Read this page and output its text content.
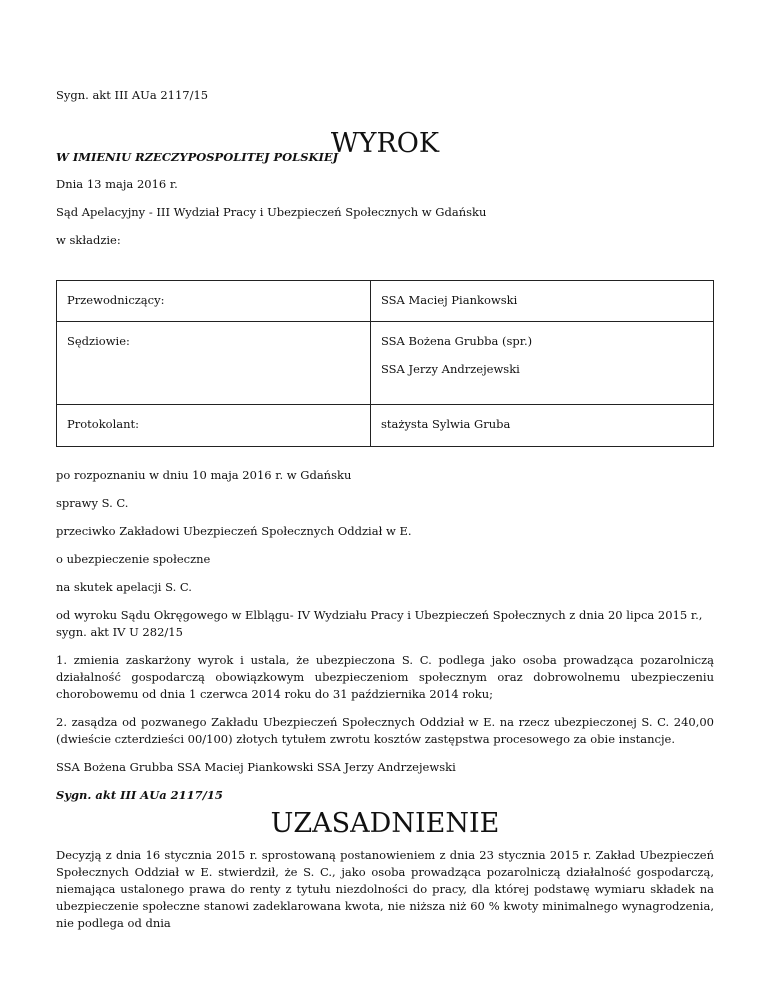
Sygn. akt III AUa 2117/15

WYROK

W IMIENIU RZECZYPOSPOLITEJ POLSKIEJ

Dnia 13 maja 2016 r.

Sąd Apelacyjny - III Wydział Pracy i Ubezpieczeń Społecznych w Gdańsku

w składzie:

Przewodniczący:	SSA Maciej Piankowski
Sędziowie:	SSA Bożena Grubba (spr.)
SSA Jerzy Andrzejewski

Protokolant:	stażysta Sylwia Gruba

po rozpoznaniu w dniu 10 maja 2016 r. w Gdańsku

sprawy S. C.

przeciwko Zakładowi Ubezpieczeń Społecznych Oddział w E.

o ubezpieczenie społeczne

na skutek apelacji S. C.

od wyroku Sądu Okręgowego w Elblągu- IV Wydziału Pracy i Ubezpieczeń Społecznych z dnia 20 lipca 2015 r., sygn. akt IV U 282/15

1. zmienia zaskarżony wyrok i ustala, że ubezpieczona S. C. podlega jako osoba prowadząca pozarolniczą działalność gospodarczą obowiązkowym ubezpieczeniom społecznym oraz dobrowolnemu ubezpieczeniu chorobowemu od dnia 1 czerwca 2014 roku do 31 października 2014 roku;

2. zasądza od pozwanego Zakładu Ubezpieczeń Społecznych Oddział w E. na rzecz ubezpieczonej S. C. 240,00 (dwieście czterdzieści 00/100) złotych tytułem zwrotu kosztów zastępstwa procesowego za obie instancje.

SSA Bożena Grubba SSA Maciej Piankowski SSA Jerzy Andrzejewski

Sygn. akt III AUa 2117/15

UZASADNIENIE

Decyzją z dnia 16 stycznia 2015 r. sprostowaną postanowieniem z dnia 23 stycznia 2015 r. Zakład Ubezpieczeń Społecznych Oddział w E. stwierdził, że S. C., jako osoba prowadząca pozarolniczą działalność gospodarczą, niemająca ustalonego prawa do renty z tytułu niezdolności do pracy, dla której podstawę wymiaru składek na ubezpieczenie społeczne stanowi zadeklarowana kwota, nie niższa niż 60 % kwoty minimalnego wynagrodzenia, nie podlega od dnia
